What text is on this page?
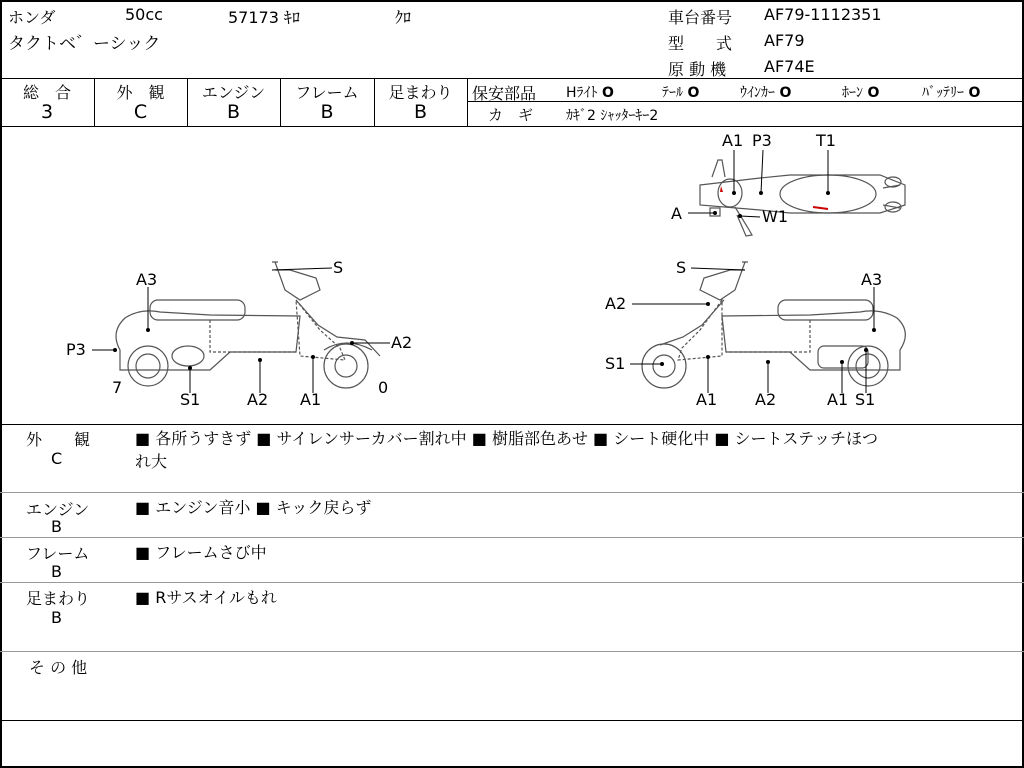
ホンダ	50cc	57173 ｷﾛ	ｸﾛ
タクトベ゛ーシック
車台番号 AF79-1112351
型　　式 AF79
原 動 機 AF74E
総　合
3
外　観
C
エンジン
B
フレーム
B
足まわり
B
保安部品 Hﾗｲﾄ O	ﾃｰﾙ O	ｳｲﾝｶｰ O	ﾎｰﾝ O	ﾊﾞｯﾃﾘｰ O
カ　ギ ｶｷﾞ2 ｼｬｯﾀｰｷｰ2
A1 P3	T1
A	W1
S
A3
P3	A2
7	0
S1	A2 A1
S
A3
A2
S1
A1 A2	A1 S1
外　　観
C
■ 各所うすきず ■ サイレンサーカバー割れ中 ■ 樹脂部色あせ ■ シート硬化中 ■ シートステッチほつ
れ大
エンジン
B
■ エンジン音小 ■ キック戻らず
フレーム
B
■ フレームさび中
足まわり
B
■ Rサスオイルもれ
そ の 他
